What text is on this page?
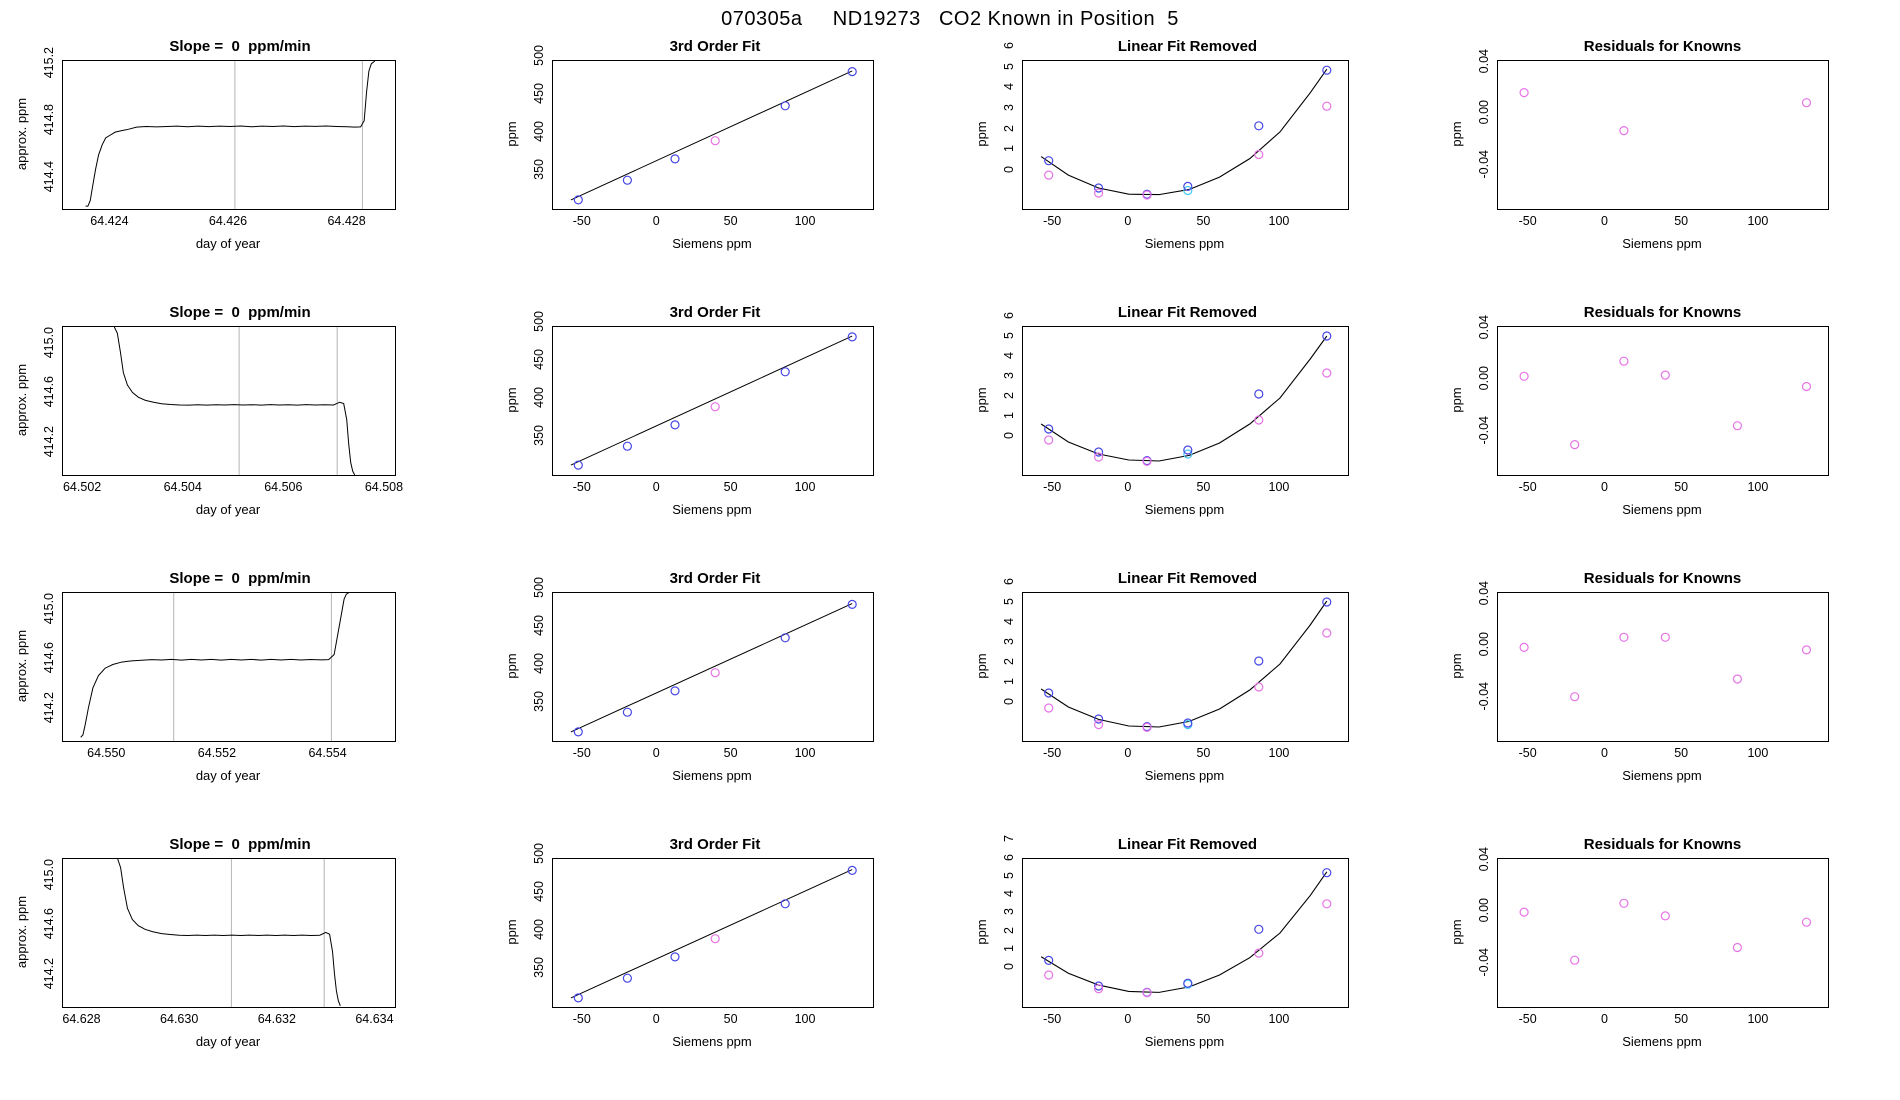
070305a     ND19273   CO2 Known in Position  5
Slope =  0  ppm/min
64.424	64.426	64.428
414.4
414.8
415.2
day of year
approx. ppm
3rd Order Fit
-50	0	50	100
350
400
450
500
Siemens ppm
ppm
Linear Fit Removed
-50	0	50	100
0
1
2
3
4
5
6
Siemens ppm
ppm
Residuals for Knowns
-50	0	50	100
-0.04
0.00
0.04
Siemens ppm
ppm
Slope =  0  ppm/min
64.502	64.504	64.506	64.508
414.2
414.6
415.0
day of year
approx. ppm
3rd Order Fit
-50	0	50	100
350
400
450
500
Siemens ppm
ppm
Linear Fit Removed
-50	0	50	100
0
1
2
3
4
5
6
Siemens ppm
ppm
Residuals for Knowns
-50	0	50	100
-0.04
0.00
0.04
Siemens ppm
ppm
Slope =  0  ppm/min
64.550	64.552	64.554
414.2
414.6
415.0
day of year
approx. ppm
3rd Order Fit
-50	0	50	100
350
400
450
500
Siemens ppm
ppm
Linear Fit Removed
-50	0	50	100
0
1
2
3
4
5
6
Siemens ppm
ppm
Residuals for Knowns
-50	0	50	100
-0.04
0.00
0.04
Siemens ppm
ppm
Slope =  0  ppm/min
64.628	64.630	64.632	64.634
414.2
414.6
415.0
day of year
approx. ppm
3rd Order Fit
-50	0	50	100
350
400
450
500
Siemens ppm
ppm
Linear Fit Removed
-50	0	50	100
0
1
2
3
4
5
6
7
Siemens ppm
ppm
Residuals for Knowns
-50	0	50	100
-0.04
0.00
0.04
Siemens ppm
ppm
